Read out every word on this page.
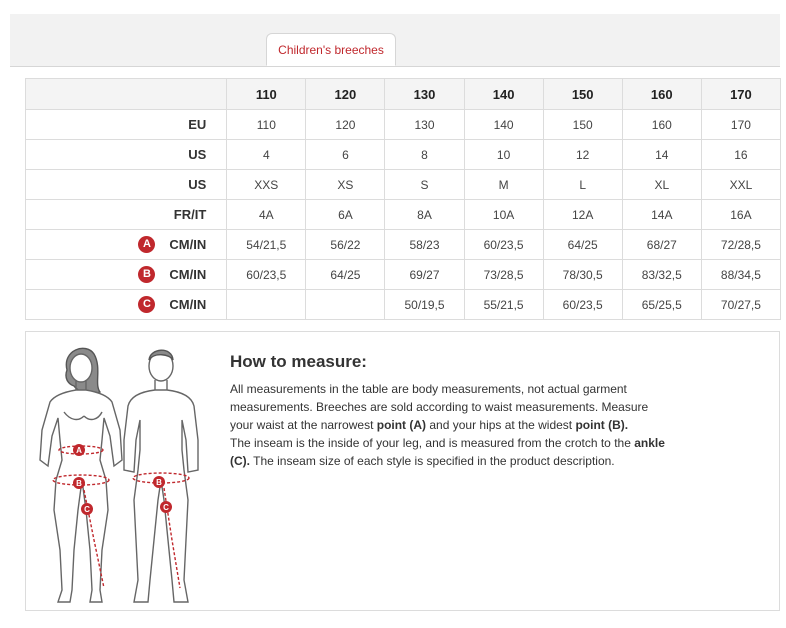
Children's breeches
	110	120	130	140	150	160	170
EU	110	120	130	140	150	160	170
US	4	6	8	10	12	14	16
US	XXS	XS	S	M	L	XL	XXL
FR/IT	4A	6A	8A	10A	12A	14A	16A
A CM/IN	54/21,5	56/22	58/23	60/23,5	64/25	68/27	72/28,5
B CM/IN	60/23,5	64/25	69/27	73/28,5	78/30,5	83/32,5	88/34,5
C CM/IN			50/19,5	55/21,5	60/23,5	65/25,5	70/27,5
A
B
C
B
C
How to measure:

All measurements in the table are body measurements, not actual garment measurements. Breeches are sold according to waist measurements. Measure your waist at the narrowest point (A) and your hips at the widest point (B).
The inseam is the inside of your leg, and is measured from the crotch to the ankle (C). The inseam size of each style is specified in the product description.
